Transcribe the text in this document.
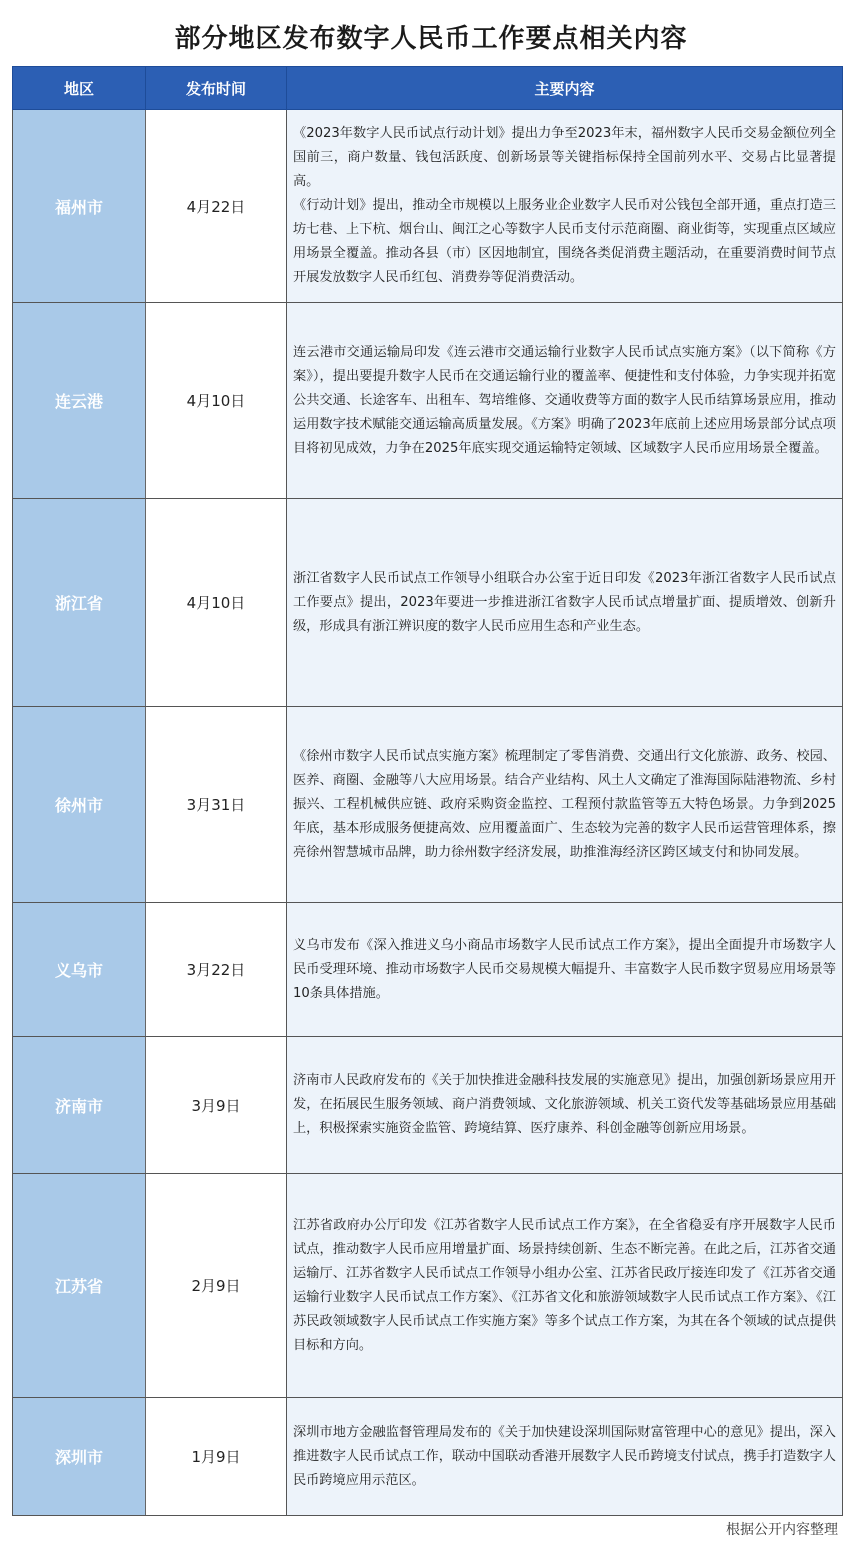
部分地区发布数字人民币工作要点相关内容
地区	发布时间	主要内容
福州市	4月22日	《2023年数字人民币试点行动计划》提出力争至2023年末，福州数字人民币交易金额位列全国前三，商户数量、钱包活跃度、创新场景等关键指标保持全国前列水平、交易占比显著提高。
《行动计划》提出，推动全市规模以上服务业企业数字人民币对公钱包全部开通，重点打造三坊七巷、上下杭、烟台山、闽江之心等数字人民币支付示范商圈、商业街等，实现重点区域应用场景全覆盖。推动各县（市）区因地制宜，围绕各类促消费主题活动，在重要消费时间节点开展发放数字人民币红包、消费券等促消费活动。

连云港	4月10日	连云港市交通运输局印发《连云港市交通运输行业数字人民币试点实施方案》（以下简称《方案》），提出要提升数字人民币在交通运输行业的覆盖率、便捷性和支付体验，力争实现并拓宽公共交通、长途客车、出租车、驾培维修、交通收费等方面的数字人民币结算场景应用，推动运用数字技术赋能交通运输高质量发展。《方案》明确了2023年底前上述应用场景部分试点项目将初见成效，力争在2025年底实现交通运输特定领域、区域数字人民币应用场景全覆盖。

浙江省	4月10日	浙江省数字人民币试点工作领导小组联合办公室于近日印发《2023年浙江省数字人民币试点工作要点》提出，2023年要进一步推进浙江省数字人民币试点增量扩面、提质增效、创新升级，形成具有浙江辨识度的数字人民币应用生态和产业生态。

徐州市	3月31日	《徐州市数字人民币试点实施方案》梳理制定了零售消费、交通出行文化旅游、政务、校园、医养、商圈、金融等八大应用场景。结合产业结构、风土人文确定了淮海国际陆港物流、乡村振兴、工程机械供应链、政府采购资金监控、工程预付款监管等五大特色场景。力争到2025年底，基本形成服务便捷高效、应用覆盖面广、生态较为完善的数字人民币运营管理体系，擦亮徐州智慧城市品牌，助力徐州数字经济发展，助推淮海经济区跨区域支付和协同发展。

义乌市	3月22日	义乌市发布《深入推进义乌小商品市场数字人民币试点工作方案》，提出全面提升市场数字人民币受理环境、推动市场数字人民币交易规模大幅提升、丰富数字人民币数字贸易应用场景等10条具体措施。

济南市	3月9日	济南市人民政府发布的《关于加快推进金融科技发展的实施意见》提出，加强创新场景应用开发，在拓展民生服务领域、商户消费领域、文化旅游领域、机关工资代发等基础场景应用基础上，积极探索实施资金监管、跨境结算、医疗康养、科创金融等创新应用场景。

江苏省	2月9日	江苏省政府办公厅印发《江苏省数字人民币试点工作方案》，在全省稳妥有序开展数字人民币试点，推动数字人民币应用增量扩面、场景持续创新、生态不断完善。在此之后，江苏省交通运输厅、江苏省数字人民币试点工作领导小组办公室、江苏省民政厅接连印发了《江苏省交通运输行业数字人民币试点工作方案》、《江苏省文化和旅游领域数字人民币试点工作方案》、《江苏民政领域数字人民币试点工作实施方案》等多个试点工作方案，为其在各个领域的试点提供目标和方向。

深圳市	1月9日	深圳市地方金融监督管理局发布的《关于加快建设深圳国际财富管理中心的意见》提出，深入推进数字人民币试点工作，联动中国联动香港开展数字人民币跨境支付试点，携手打造数字人民币跨境应用示范区。
根据公开内容整理
